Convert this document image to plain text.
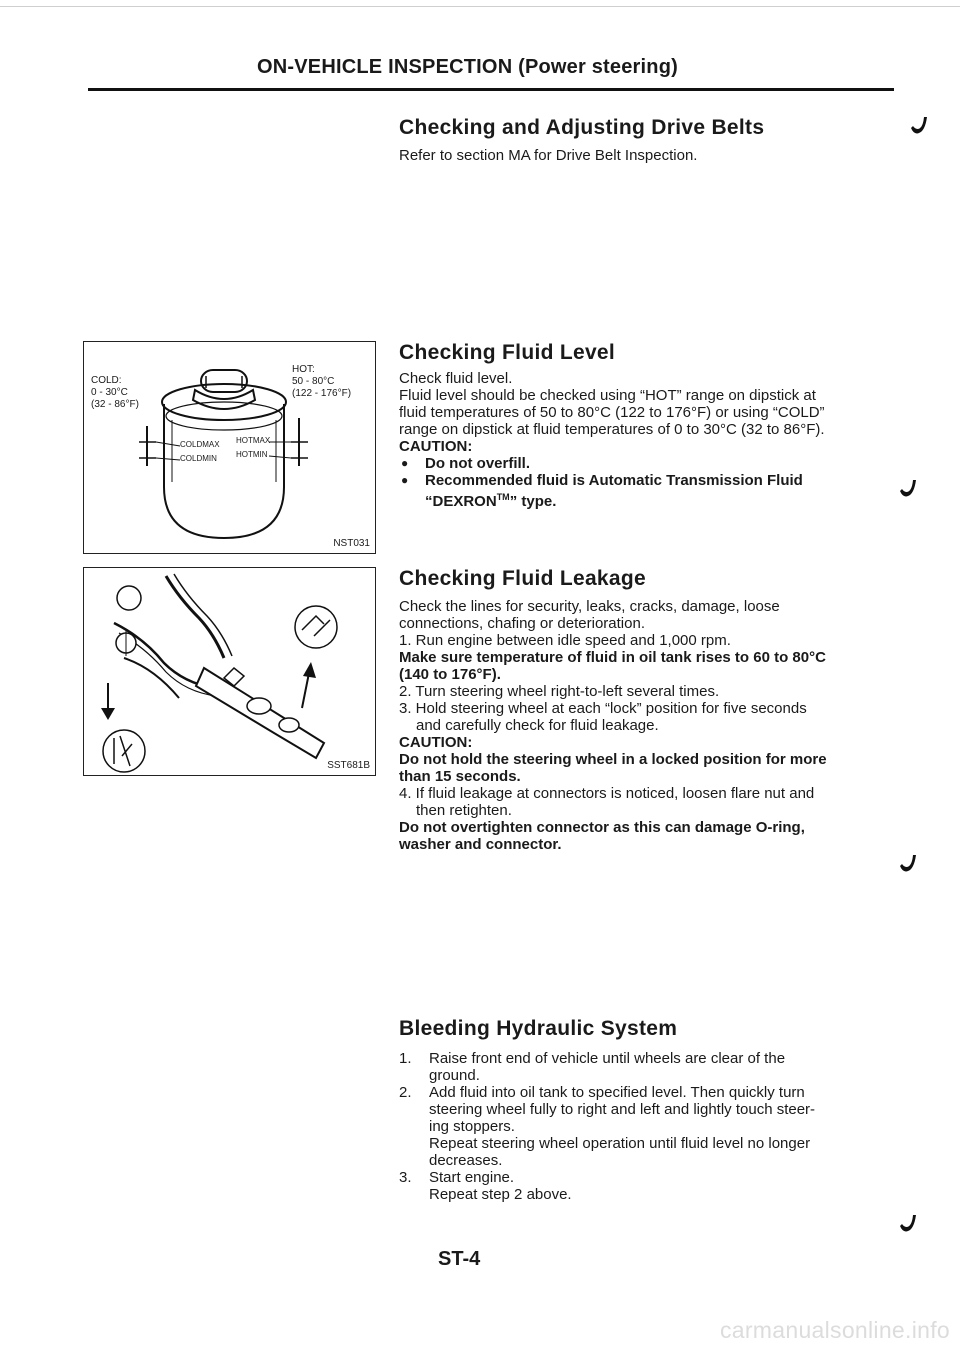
ON-VEHICLE INSPECTION (Power steering)
Checking and Adjusting Drive Belts
Refer to section MA for Drive Belt Inspection.
COLD:
0 - 30°C
(32 - 86°F)
HOT:
50 - 80°C
(122 - 176°F)
COLDMAX
COLDMIN
HOTMAX
HOTMIN
NST031
SST681B
Checking Fluid Level
Check fluid level.
Fluid level should be checked using “HOT” range on dipstick at
fluid temperatures of 50 to 80°C (122 to 176°F) or using “COLD”
range on dipstick at fluid temperatures of 0 to 30°C (32 to 86°F).
CAUTION:
● Do not overfill.
● Recommended fluid is Automatic Transmission Fluid
“DEXRON™” type.
Checking Fluid Leakage
Check the lines for security, leaks, cracks, damage, loose
connections, chafing or deterioration.
1. Run engine between idle speed and 1,000 rpm.
Make sure temperature of fluid in oil tank rises to 60 to 80°C
(140 to 176°F).
2. Turn steering wheel right-to-left several times.
3. Hold steering wheel at each “lock” position for five seconds
and carefully check for fluid leakage.
CAUTION:
Do not hold the steering wheel in a locked position for more
than 15 seconds.
4. If fluid leakage at connectors is noticed, loosen flare nut and
then retighten.
Do not overtighten connector as this can damage O-ring,
washer and connector.
Bleeding Hydraulic System
1. Raise front end of vehicle until wheels are clear of the
ground.
2. Add fluid into oil tank to specified level. Then quickly turn
steering wheel fully to right and left and lightly touch steer-
ing stoppers.
Repeat steering wheel operation until fluid level no longer
decreases.
3. Start engine.
Repeat step 2 above.
ST-4
carmanualsonline.info
